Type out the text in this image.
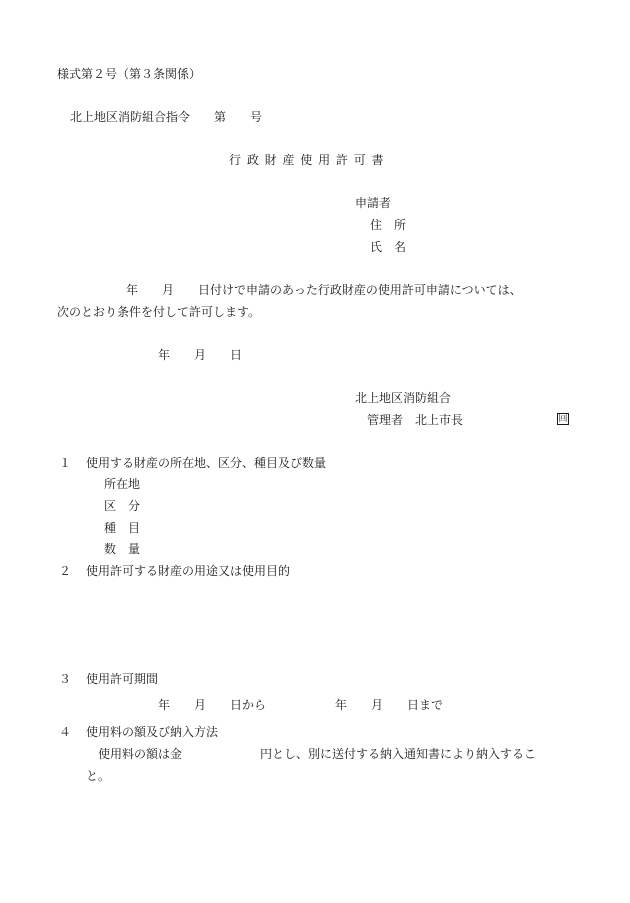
様式第２号（第３条関係）
北上地区消防組合指令　　第　　号
行 政 財 産 使 用 許 可 書
申請者
住　所
氏　名
年　　月　　日付けで申請のあった行政財産の使用許可申請については、
次のとおり条件を付して許可します。
年　　月　　日
北上地区消防組合
管理者　北上市長	回
１ 使用する財産の所在地、区分、種目及び数量
所在地
区　分
種　目
数　量
２ 使用許可する財産の用途又は使用目的
３ 使用許可期間
年　　月　　日から	年　　月　　日まで
４ 使用料の額及び納入方法
使用料の額は金	円とし、別に送付する納入通知書により納入するこ
と。
